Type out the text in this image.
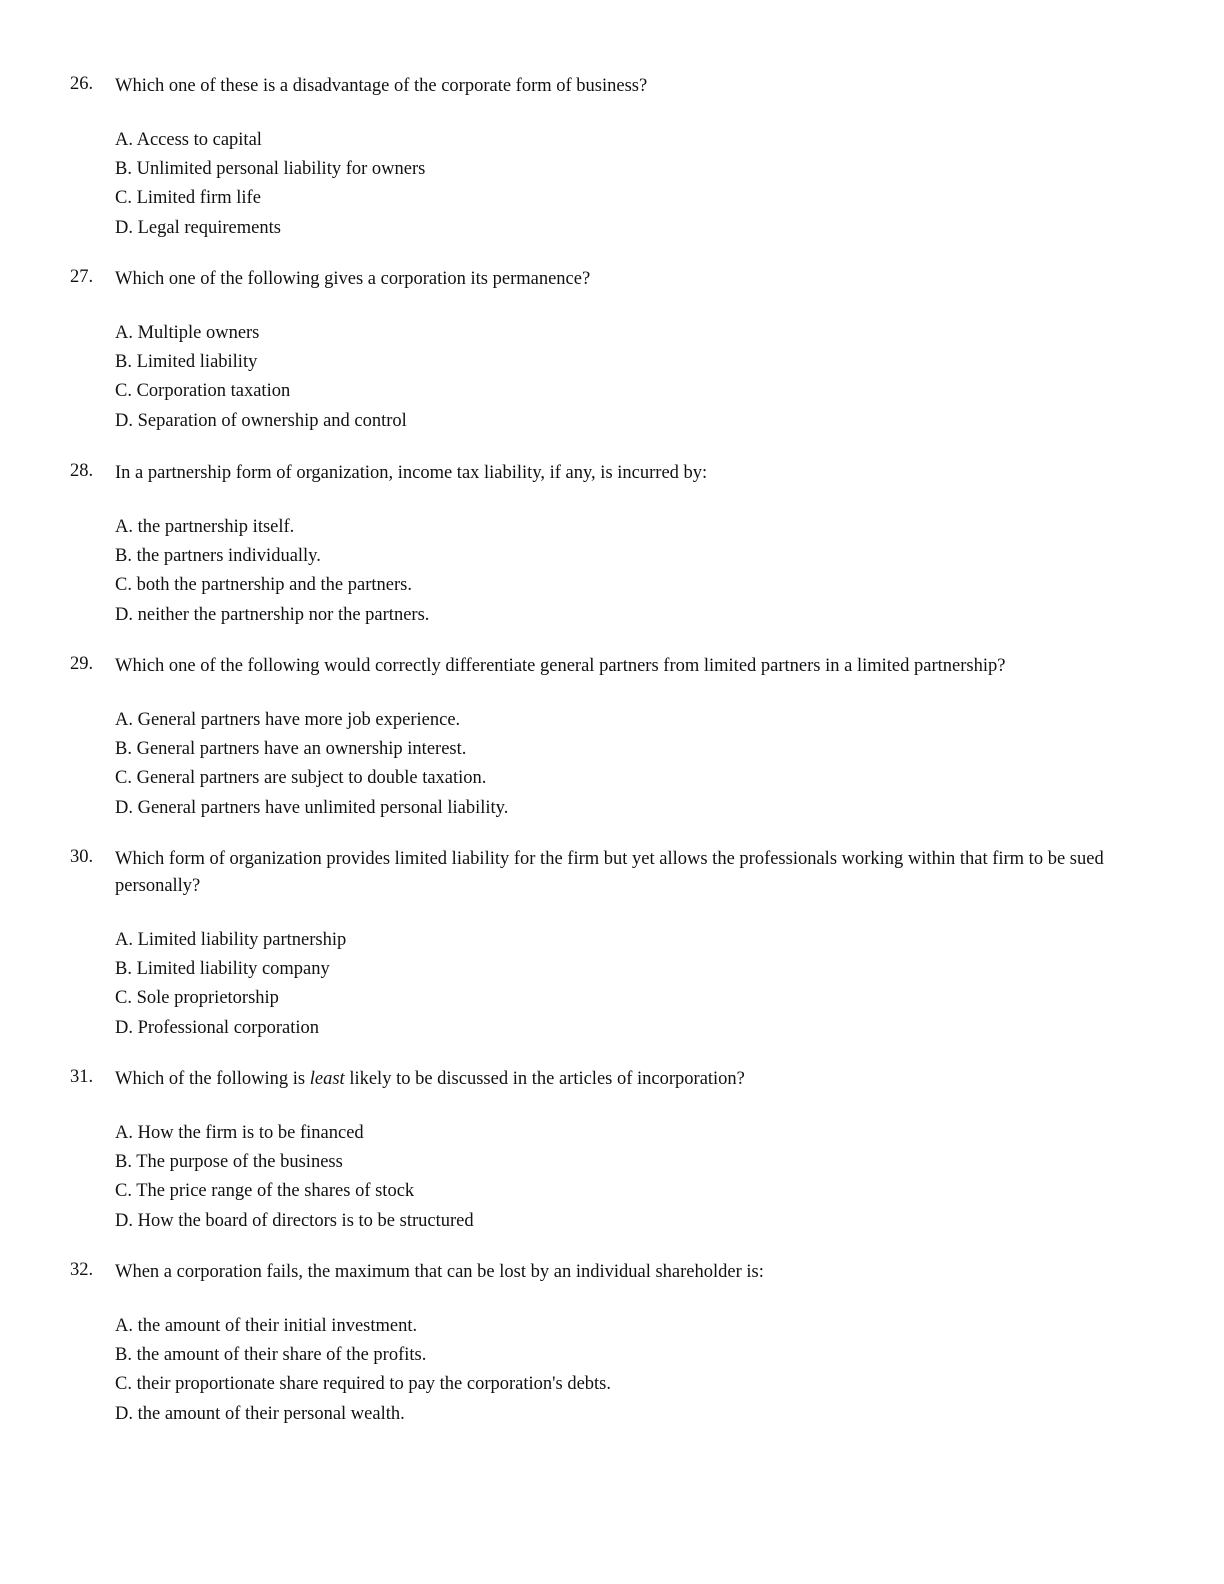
26. Which one of these is a disadvantage of the corporate form of business?
A. Access to capital
B. Unlimited personal liability for owners
C. Limited firm life
D. Legal requirements
27. Which one of the following gives a corporation its permanence?
A. Multiple owners
B. Limited liability
C. Corporation taxation
D. Separation of ownership and control
28. In a partnership form of organization, income tax liability, if any, is incurred by:
A. the partnership itself.
B. the partners individually.
C. both the partnership and the partners.
D. neither the partnership nor the partners.
29. Which one of the following would correctly differentiate general partners from limited partners in a limited partnership?
A. General partners have more job experience.
B. General partners have an ownership interest.
C. General partners are subject to double taxation.
D. General partners have unlimited personal liability.
30. Which form of organization provides limited liability for the firm but yet allows the professionals working within that firm to be sued personally?
A. Limited liability partnership
B. Limited liability company
C. Sole proprietorship
D. Professional corporation
31. Which of the following is least likely to be discussed in the articles of incorporation?
A. How the firm is to be financed
B. The purpose of the business
C. The price range of the shares of stock
D. How the board of directors is to be structured
32. When a corporation fails, the maximum that can be lost by an individual shareholder is:
A. the amount of their initial investment.
B. the amount of their share of the profits.
C. their proportionate share required to pay the corporation's debts.
D. the amount of their personal wealth.
